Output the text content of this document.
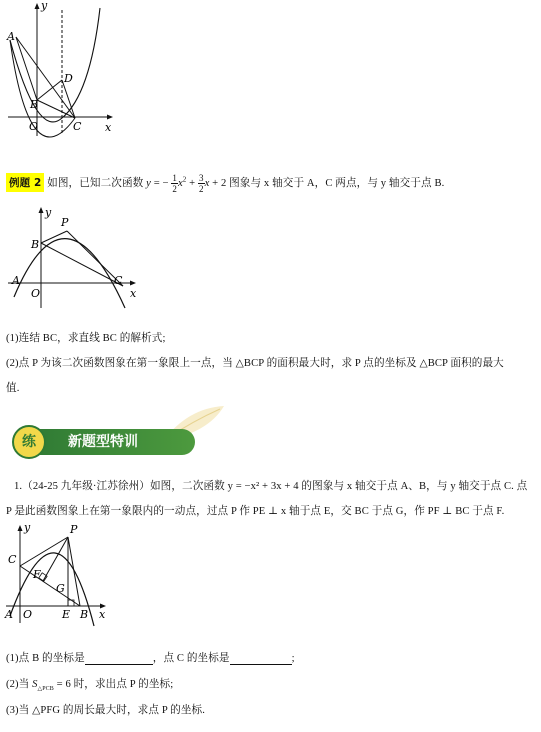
y
x
A
D
B
O	C
例题 2 如图，已知二次函数 y = − $\frac{1}{2} x^2 + \frac{3}{2}$ x + 2 图象与 x 轴交于 A，C 两点，与 y 轴交于点 B.
y
P
B
A
O
C
x
(1)连结 BC，求直线 BC 的解析式;
(2)点 P 为该二次函数图象在第一象限上一点，当 △BCP 的面积最大时，求 P 点的坐标及 △BCP 面积的最大
值.
新题型特训
练
1.（24-25 九年级·江苏徐州）如图，二次函数 y = −x² + 3x + 4 的图象与 x 轴交于点 A、B，与 y 轴交于点 C. 点
P 是此函数图象上在第一象限内的一动点，过点 P 作 PE ⊥ x 轴于点 E，交 BC 于点 G，作 PF ⊥ BC 于点 F.
y	P
C
F
G
A O	E B x
(1)点 B 的坐标是	，点 C 的坐标是	;
(2)当 $S_{\triangle PCB} = 6$ 时，求出点 P 的坐标;
(3)当 △PFG 的周长最大时，求点 P 的坐标.
